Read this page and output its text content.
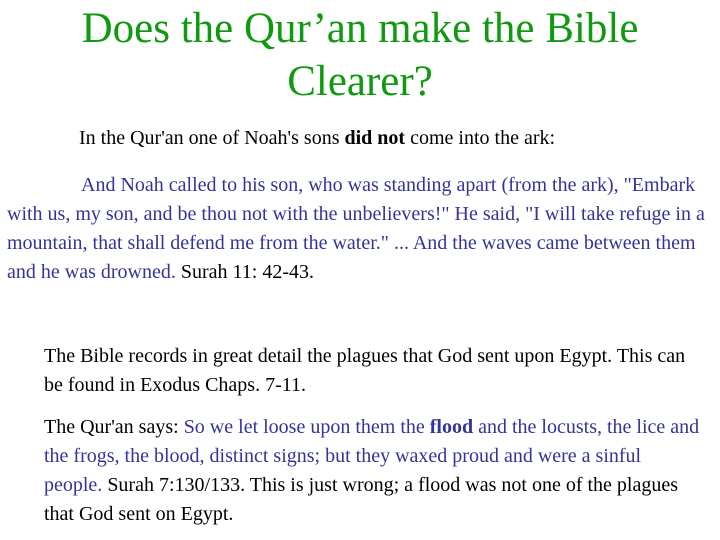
Does the Qur’an make the Bible
Clearer?

In the Qur'an one of Noah's sons did not come into the ark:

And Noah called to his son, who was standing apart (from the ark), "Embark with us, my son, and be thou not with the unbelievers!" He said, "I will take refuge in a mountain, that shall defend me from the water." ... And the waves came between them and he was drowned. Surah 11: 42-43.

The Bible records in great detail the plagues that God sent upon Egypt. This can be found in Exodus Chaps. 7-11.

The Qur'an says: So we let loose upon them the flood and the locusts, the lice and the frogs, the blood, distinct signs; but they waxed proud and were a sinful people. Surah 7:130/133. This is just wrong; a flood was not one of the plagues that God sent on Egypt.
